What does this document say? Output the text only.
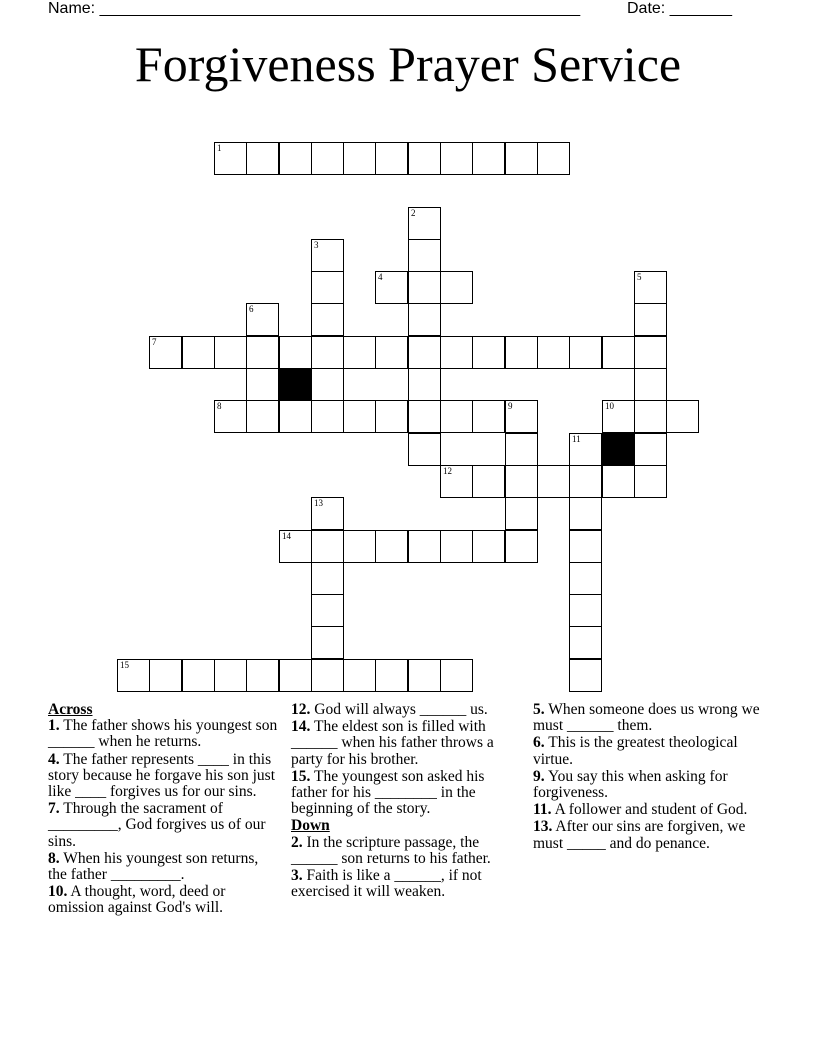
Name: ______________________________________________________	Date: _______
Forgiveness Prayer Service
1
2
3
4	5
6
7
8	9	10
12
11
13
14
15

Across

1. The father shows his youngest son ______ when he returns.

4. The father represents ____ in this story because he forgave his son just like ____ forgives us for our sins.

7. Through the sacrament of _________, God forgives us of our sins.

8. When his youngest son returns, the father _________.

10. A thought, word, deed or omission against God's will.

12. God will always ______ us.

14. The eldest son is filled with ______ when his father throws a party for his brother.

15. The youngest son asked his father for his ________ in the beginning of the story.

Down

2. In the scripture passage, the ______ son returns to his father.

3. Faith is like a ______, if not exercised it will weaken.

5. When someone does us wrong we must ______ them.

6. This is the greatest theological virtue.

9. You say this when asking for forgiveness.

11. A follower and student of God.

13. After our sins are forgiven, we must _____ and do penance.
